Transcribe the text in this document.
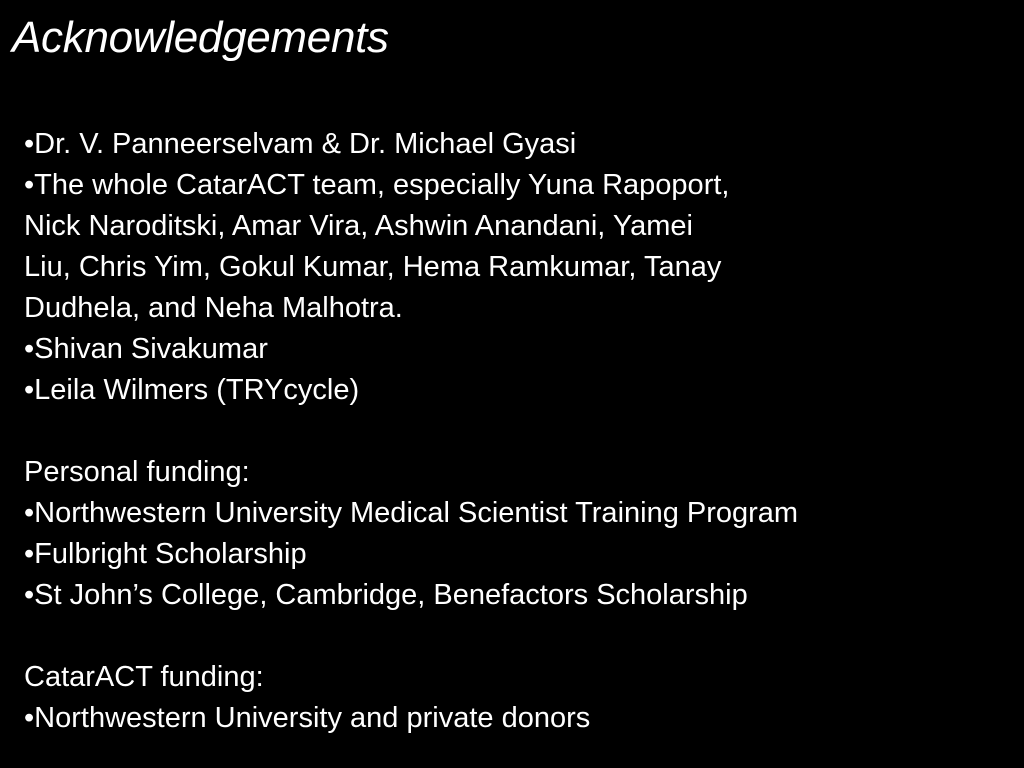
Acknowledgements
•Dr. V. Panneerselvam & Dr. Michael Gyasi
•The whole CatarACT team, especially Yuna Rapoport,
Nick Naroditski, Amar Vira, Ashwin Anandani, Yamei
Liu, Chris Yim, Gokul Kumar, Hema Ramkumar, Tanay
Dudhela, and Neha Malhotra.
•Shivan Sivakumar
•Leila Wilmers (TRYcycle)
Personal funding:
•Northwestern University Medical Scientist Training Program
•Fulbright Scholarship
•St John’s College, Cambridge, Benefactors Scholarship
CatarACT funding:
•Northwestern University and private donors
